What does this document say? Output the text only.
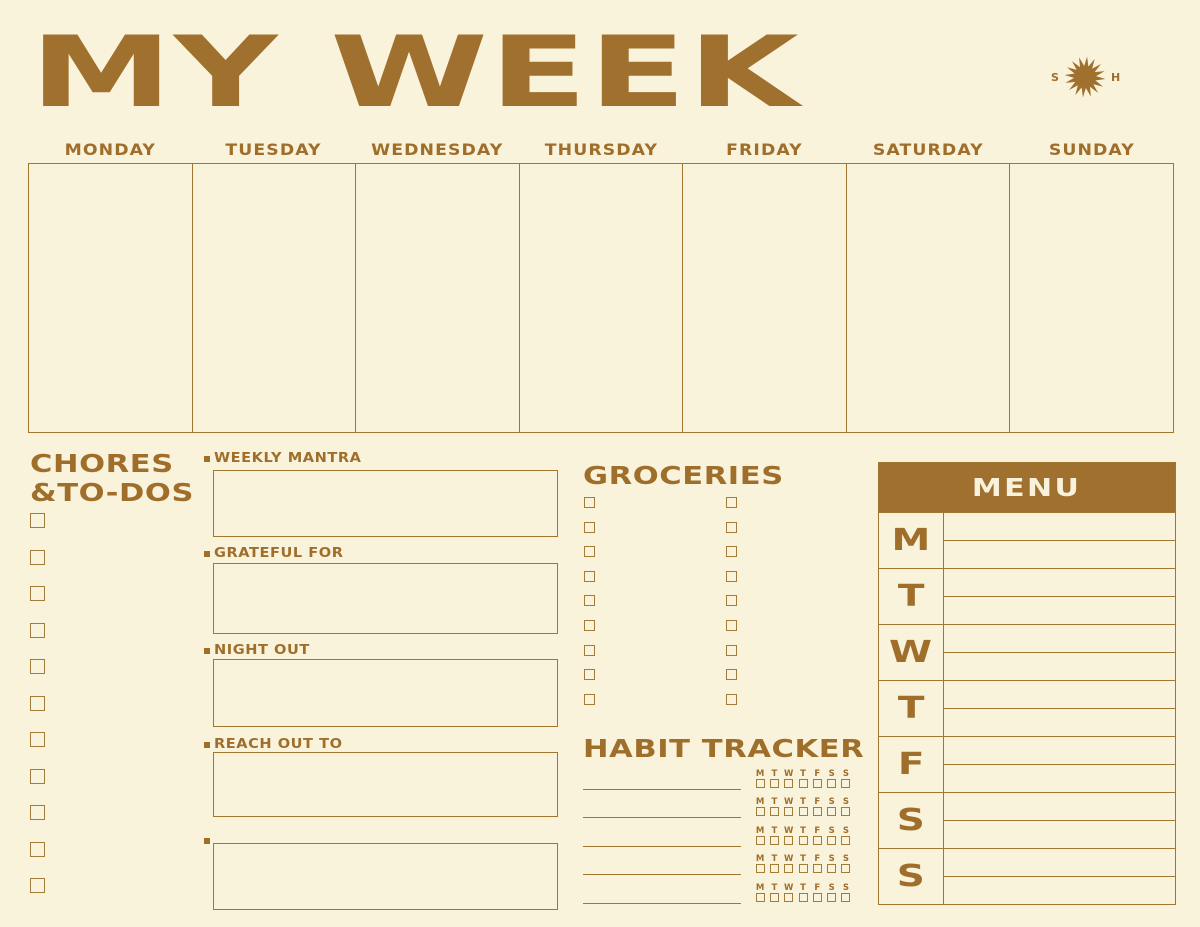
MY WEEK	S	H
MONDAY	TUESDAY	WEDNESDAY	THURSDAY	FRIDAY	SATURDAY	SUNDAY
CHORES
&TO-DOS
WEEKLY MANTRA
GRATEFUL FOR
NIGHT OUT
REACH OUT TO
GROCERIES
HABIT TRACKER
M T W T F S S
M T W T F S S
M T W T F S S
M T W T F S S
M T W T F S S
MENU
M
T
W
T
F
S
S
